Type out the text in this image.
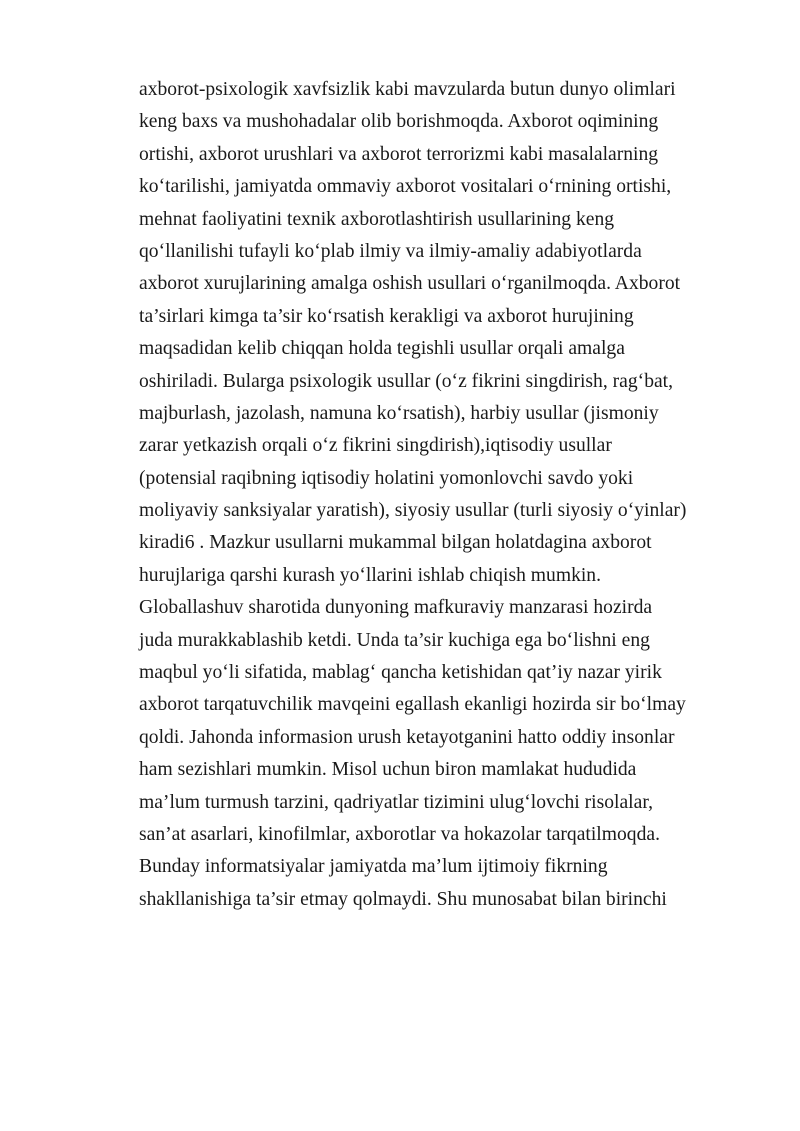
axborot-psixologik xavfsizlik kabi mavzularda butun dunyo olimlari
keng baxs va mushohadalar olib borishmoqda. Axborot oqimining
ortishi, axborot urushlari va axborot terrorizmi kabi masalalarning
ko‘tarilishi, jamiyatda ommaviy axborot vositalari o‘rnining ortishi,
mehnat faoliyatini texnik axborotlashtirish usullarining keng
qo‘llanilishi tufayli ko‘plab ilmiy va ilmiy-amaliy adabiyotlarda
axborot xurujlarining amalga oshish usullari o‘rganilmoqda. Axborot
ta’sirlari kimga ta’sir ko‘rsatish kerakligi va axborot hurujining
maqsadidan kelib chiqqan holda tegishli usullar orqali amalga
oshiriladi. Bularga psixologik usullar (o‘z fikrini singdirish, rag‘bat,
majburlash, jazolash, namuna ko‘rsatish), harbiy usullar (jismoniy
zarar yetkazish orqali o‘z fikrini singdirish),iqtisodiy usullar
(potensial raqibning iqtisodiy holatini yomonlovchi savdo yoki
moliyaviy sanksiyalar yaratish), siyosiy usullar (turli siyosiy o‘yinlar)
kiradi6 . Mazkur usullarni mukammal bilgan holatdagina axborot
hurujlariga qarshi kurash yo‘llarini ishlab chiqish mumkin.
Globallashuv sharotida dunyoning mafkuraviy manzarasi hozirda
juda murakkablashib ketdi. Unda ta’sir kuchiga ega bo‘lishni eng
maqbul yo‘li sifatida, mablag‘ qancha ketishidan qat’iy nazar yirik
axborot tarqatuvchilik mavqeini egallash ekanligi hozirda sir bo‘lmay
qoldi. Jahonda informasion urush ketayotganini hatto oddiy insonlar
ham sezishlari mumkin. Misol uchun biron mamlakat hududida
ma’lum turmush tarzini, qadriyatlar tizimini ulug‘lovchi risolalar,
san’at asarlari, kinofilmlar, axborotlar va hokazolar tarqatilmoqda.
Bunday informatsiyalar jamiyatda ma’lum ijtimoiy fikrning
shakllanishiga ta’sir etmay qolmaydi. Shu munosabat bilan birinchi
